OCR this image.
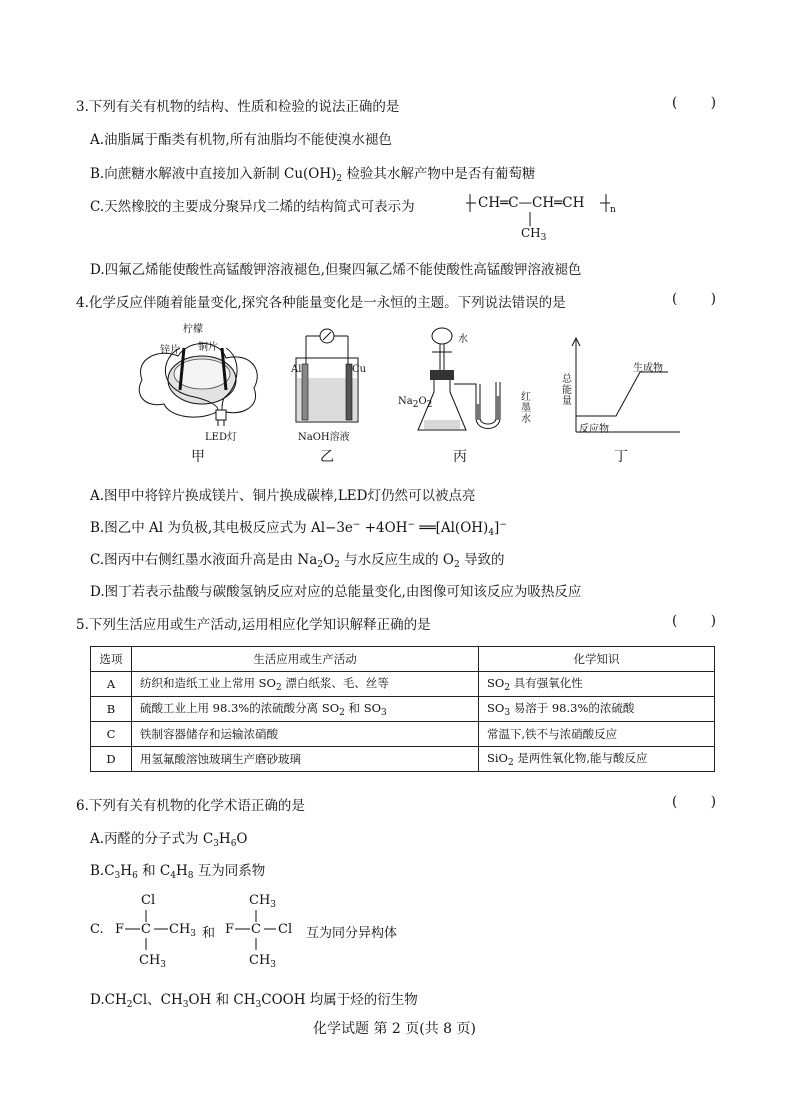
3.下列有关有机物的结构、性质和检验的说法正确的是	( )
A.油脂属于酯类有机物,所有油脂均不能使溴水褪色
B.向蔗糖水解液中直接加入新制 $Cu(OH)_2$ 检验其水解产物中是否有葡萄糖
C.天然橡胶的主要成分聚异戊二烯的结构简式可表示为	CH═C—CH═CH	n
$CH_3$
D.四氟乙烯能使酸性高锰酸钾溶液褪色,但聚四氟乙烯不能使酸性高锰酸钾溶液褪色
4.化学反应伴随着能量变化,探究各种能量变化是一永恒的主题。下列说法错误的是	( )
柠檬
锌片 铜片
LED灯
甲
Al	Cu
NaOH溶液
乙
水
$Na_2O_2$
红墨水
丙
总能量
生成物
反应物
丁
A.图甲中将锌片换成镁片、铜片换成碳棒,LED灯仍然可以被点亮
B.图乙中 Al 为负极,其电极反应式为 Al−3e− +4OH− $══[Al(OH)_4]^-$
C.图丙中右侧红墨水液面升高是由 $Na_2O_2$ 与水反应生成的 $O_2$ 导致的
D.图丁若表示盐酸与碳酸氢钠反应对应的总能量变化,由图像可知该反应为吸热反应
5.下列生活应用或生产活动,运用相应化学知识解释正确的是	( )
选项	生活应用或生产活动	化学知识
A	纺织和造纸工业上常用 $SO_2$ 漂白纸浆、毛、丝等	$SO_2$ 具有强氧化性
B	硫酸工业上用 98.3%的浓硫酸分离 $SO_2$ 和 $SO_3$	$SO_3$ 易溶于 98.3%的浓硫酸
C	铁制容器储存和运输浓硝酸	常温下,铁不与浓硝酸反应
D	用氢氟酸溶蚀玻璃生产磨砂玻璃	SiO$_2$ 是两性氧化物,能与酸反应
6.下列有关有机物的化学术语正确的是	( )
A.丙醛的分子式为 $C_3H_6O$
$B.C_3H_6$ 和 $C_4H_8$ 互为同系物
C.
Cl
F C $CH_3$
$CH_3$
和
$CH_3$
F C Cl
$CH_3$
互为同分异构体
$D.CH_2Cl$、$CH_3OH$ 和 $CH_3COOH$ 均属于烃的衍生物
化学试题 第 2 页(共 8 页)
